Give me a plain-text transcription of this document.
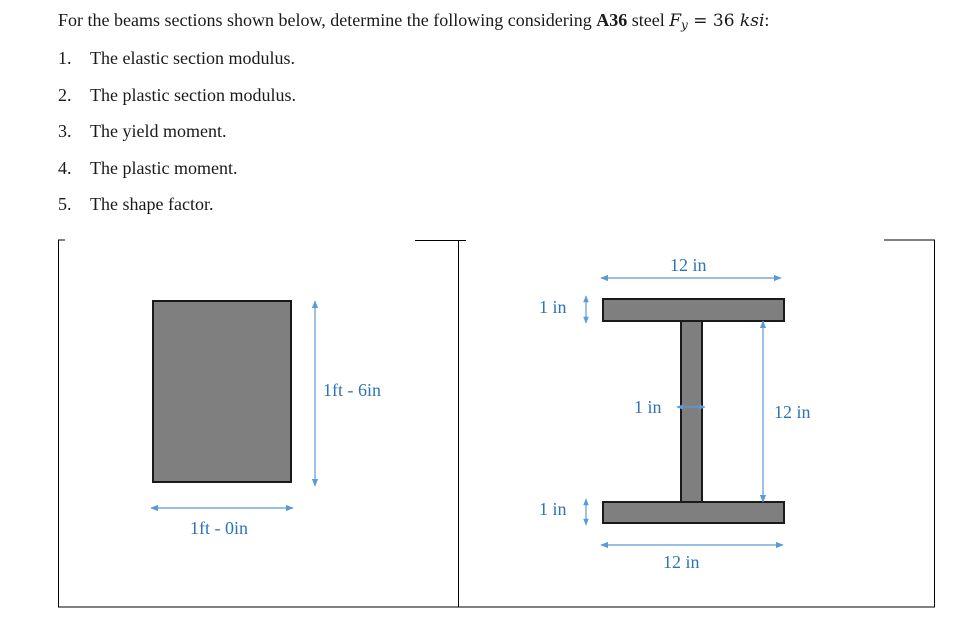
For the beams sections shown below, determine the following considering A36 steel $F_y = 36$ ksi:
1. The elastic section modulus.
2. The plastic section modulus.
3. The yield moment.
4. The plastic moment.
5. The shape factor.
1ft - 6in
1ft - 0in
12 in
1 in
1 in	12 in
1 in
12 in
